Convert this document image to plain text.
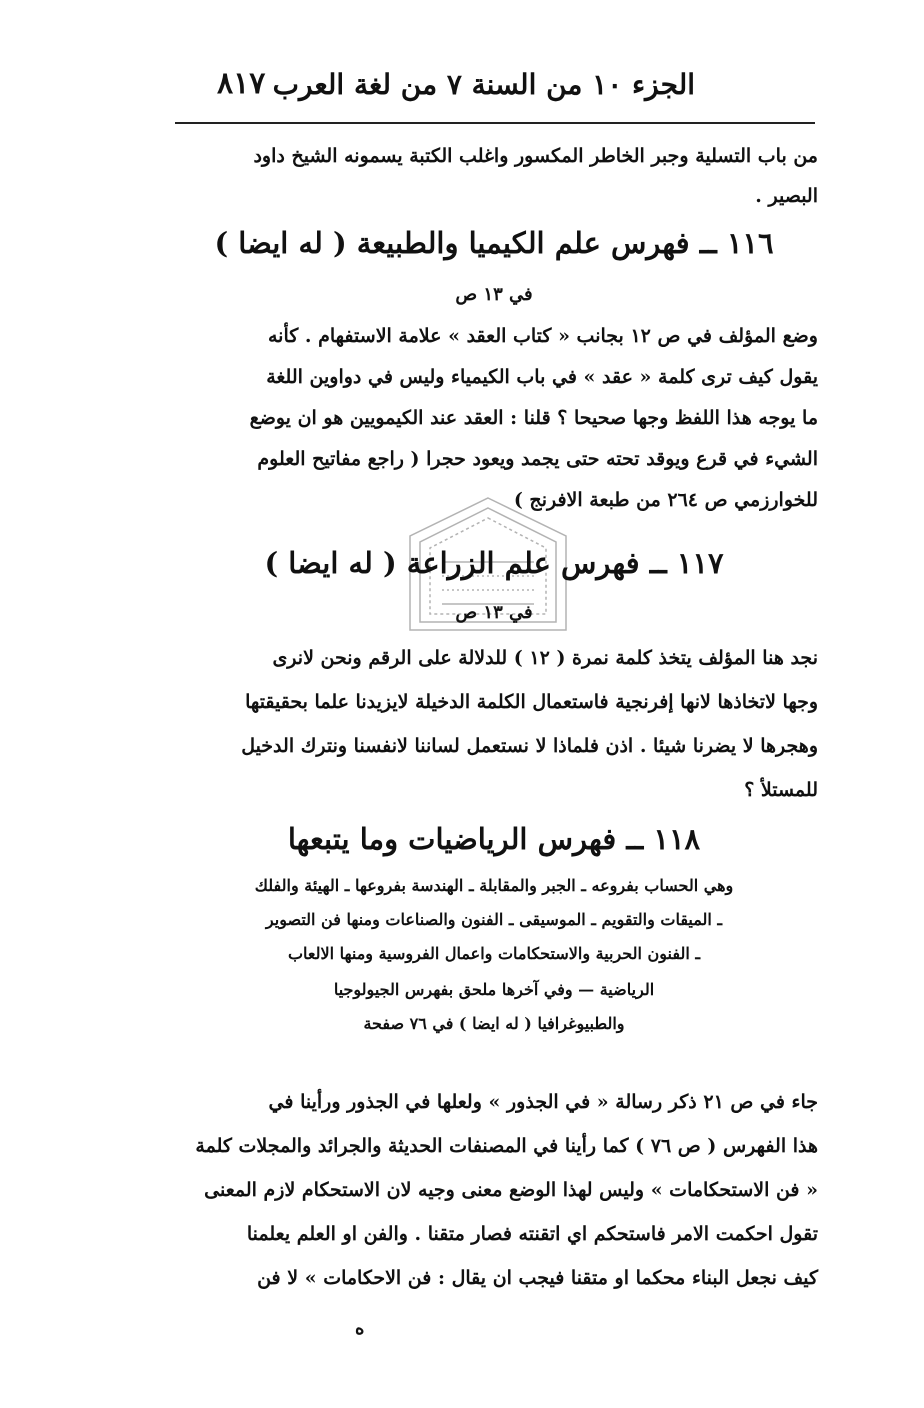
الجزء ١٠ من السنة ٧ من لغة العرب
٨١٧

من باب التسلية وجبر الخاطر المكسور واغلب الكتبة يسمونه الشيخ داود

البصير .

١١٦ ــ فهرس علم الكيميا والطبيعة ( له ايضا )
في ١٣ ص

وضع المؤلف في ص ١٢ بجانب « كتاب العقد » علامة الاستفهام . كأنه

يقول كيف ترى كلمة « عقد » في باب الكيمياء وليس في دواوين اللغة

ما يوجه هذا اللفظ وجها صحيحا ؟ قلنا : العقد عند الكيمويين هو ان يوضع

الشيء في قرع ويوقد تحته حتى يجمد ويعود حجرا ( راجع مفاتيح العلوم

للخوارزمي ص ٢٦٤ من طبعة الافرنج )

١١٧ ــ فهرس علم الزراعة ( له ايضا )
في ١٣ ص

نجد هنا المؤلف يتخذ كلمة نمرة ( ١٢ ) للدلالة على الرقم ونحن لانرى

وجها لاتخاذها لانها إفرنجية فاستعمال الكلمة الدخيلة لايزيدنا علما بحقيقتها

وهجرها لا يضرنا شيئا . اذن فلماذا لا نستعمل لساننا لانفسنا ونترك الدخيل

للمستلأ ؟

١١٨ ــ فهرس الرياضيات وما يتبعها
وهي الحساب بفروعه ـ الجبر والمقابلة ـ الهندسة بفروعها ـ الهيئة والفلك
ـ الميقات والتقويم ـ الموسيقى ـ الفنون والصناعات ومنها فن التصوير
ـ الفنون الحربية والاستحكامات واعمال الفروسية ومنها الالعاب
الرياضية — وفي آخرها ملحق بفهرس الجيولوجيا
والطبيوغرافيا ( له ايضا ) في ٧٦ صفحة

جاء في ص ٢١ ذكر رسالة « في الجذور » ولعلها في الجذور ورأينا في

هذا الفهرس ( ص ٧٦ ) كما رأينا في المصنفات الحديثة والجرائد والمجلات كلمة

« فن الاستحكامات » وليس لهذا الوضع معنى وجيه لان الاستحكام لازم المعنى

تقول احكمت الامر فاستحكم اي اتقنته فصار متقنا . والفن او العلم يعلمنا

كيف نجعل البناء محكما او متقنا فيجب ان يقال : فن الاحكامات » لا فن

ه
